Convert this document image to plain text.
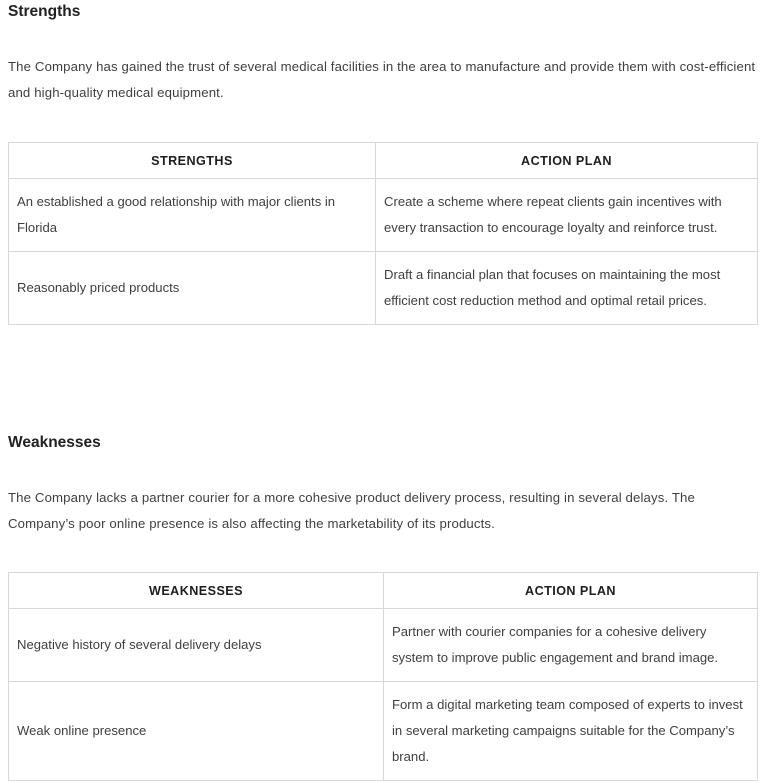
Strengths

The Company has gained the trust of several medical facilities in the area to manufacture and provide them with cost-efficient and high-quality medical equipment.

STRENGTHS	ACTION PLAN
An established a good relationship with major clients in Florida	Create a scheme where repeat clients gain incentives with every transaction to encourage loyalty and reinforce trust.
Reasonably priced products	Draft a financial plan that focuses on maintaining the most efficient cost reduction method and optimal retail prices.
Weaknesses

The Company lacks a partner courier for a more cohesive product delivery process, resulting in several delays. The Company’s poor online presence is also affecting the marketability of its products.

WEAKNESSES	ACTION PLAN
Negative history of several delivery delays	Partner with courier companies for a cohesive delivery system to improve public engagement and brand image.
Weak online presence	Form a digital marketing team composed of experts to invest in several marketing campaigns suitable for the Company’s brand.
